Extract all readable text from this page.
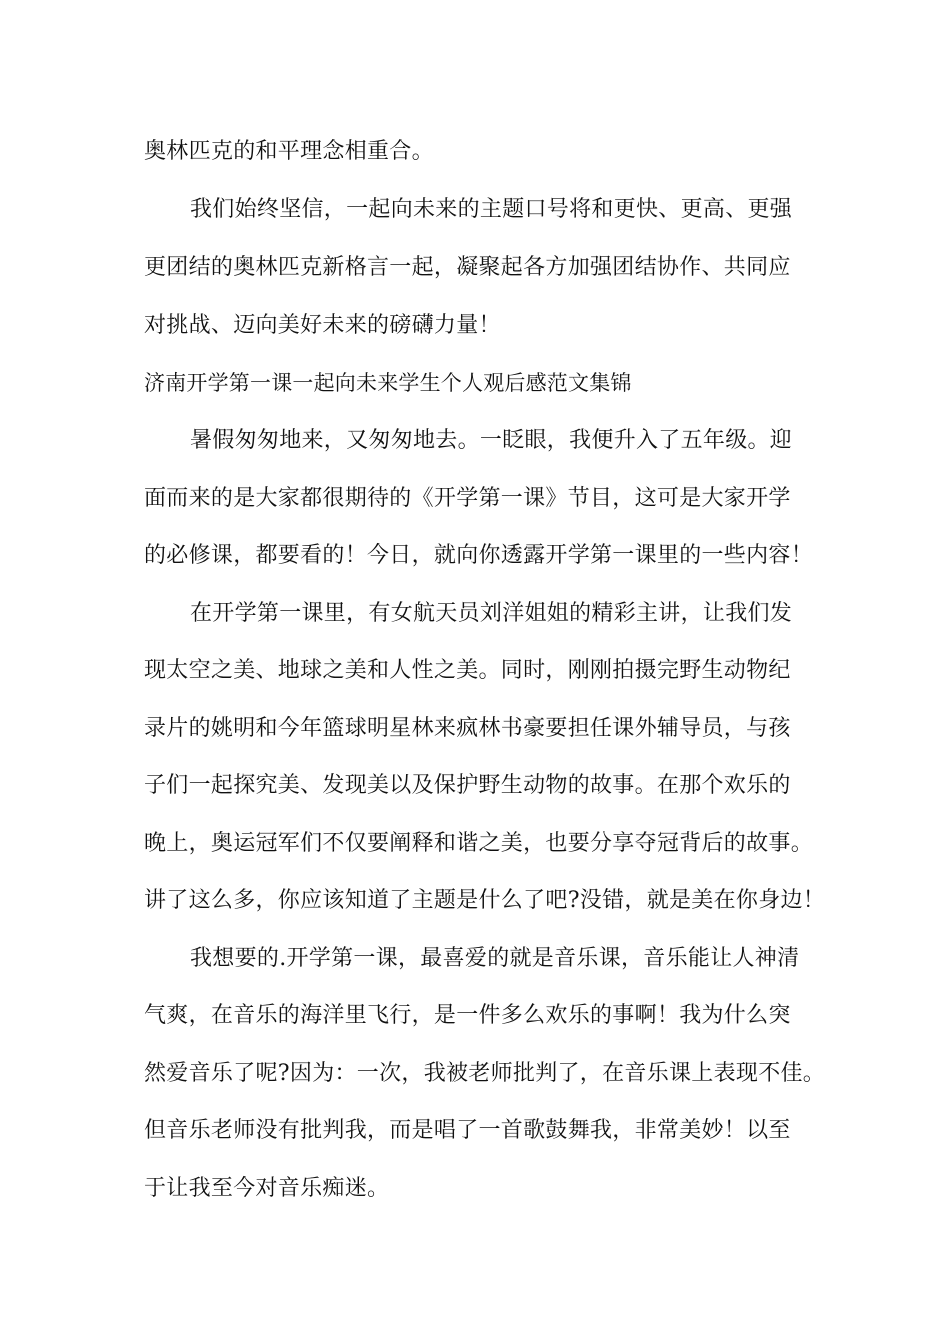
奥林匹克的和平理念相重合。
我们始终坚信，一起向未来的主题口号将和更快、更高、更强
更团结的奥林匹克新格言一起，凝聚起各方加强团结协作、共同应
对挑战、迈向美好未来的磅礴力量！
济南开学第一课一起向未来学生个人观后感范文集锦
暑假匆匆地来，又匆匆地去。一眨眼，我便升入了五年级。迎
面而来的是大家都很期待的《开学第一课》节目，这可是大家开学
的必修课，都要看的！今日，就向你透露开学第一课里的一些内容！
在开学第一课里，有女航天员刘洋姐姐的精彩主讲，让我们发
现太空之美、地球之美和人性之美。同时，刚刚拍摄完野生动物纪
录片的姚明和今年篮球明星林来疯林书豪要担任课外辅导员，与孩
子们一起探究美、发现美以及保护野生动物的故事。在那个欢乐的
晚上，奥运冠军们不仅要阐释和谐之美，也要分享夺冠背后的故事。
讲了这么多，你应该知道了主题是什么了吧?没错，就是美在你身边！
我想要的.开学第一课，最喜爱的就是音乐课，音乐能让人神清
气爽，在音乐的海洋里飞行，是一件多么欢乐的事啊！我为什么突
然爱音乐了呢?因为：一次，我被老师批判了，在音乐课上表现不佳。
但音乐老师没有批判我，而是唱了一首歌鼓舞我，非常美妙！以至
于让我至今对音乐痴迷。
